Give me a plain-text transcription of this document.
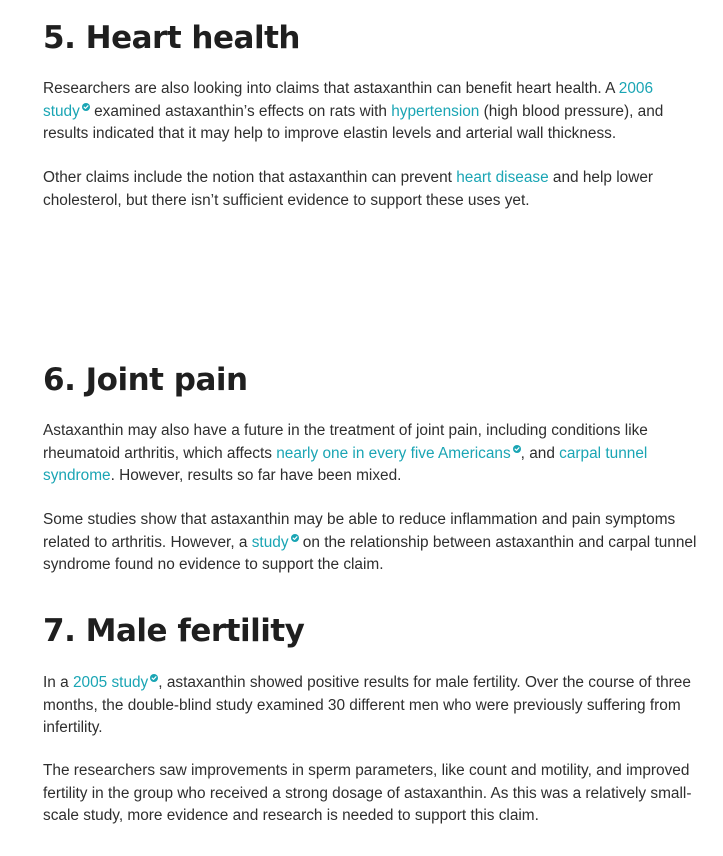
5. Heart health

Researchers are also looking into claims that astaxanthin can benefit heart health. A 2006 study
examined astaxanthin’s effects on rats with hypertension (high blood pressure), and results indicated that it may help to improve elastin levels and arterial wall thickness.

Other claims include the notion that astaxanthin can prevent heart disease and help lower cholesterol, but there isn’t sufficient evidence to support these uses yet.

6. Joint pain

Astaxanthin may also have a future in the treatment of joint pain, including conditions like rheumatoid arthritis, which affects nearly one in every five Americans , and carpal tunnel syndrome. However, results so far have been mixed.

Some studies show that astaxanthin may be able to reduce inflammation and pain symptoms related to arthritis. However, a study
on the relationship between astaxanthin and carpal tunnel syndrome found no evidence to support the claim.

7. Male fertility

In a 2005 study , astaxanthin showed positive results for male fertility. Over the course of three months, the double-blind study examined 30 different men who were previously suffering from infertility.

The researchers saw improvements in sperm parameters, like count and motility, and improved fertility in the group who received a strong dosage of astaxanthin. As this was a relatively small-scale study, more evidence and research is needed to support this claim.
